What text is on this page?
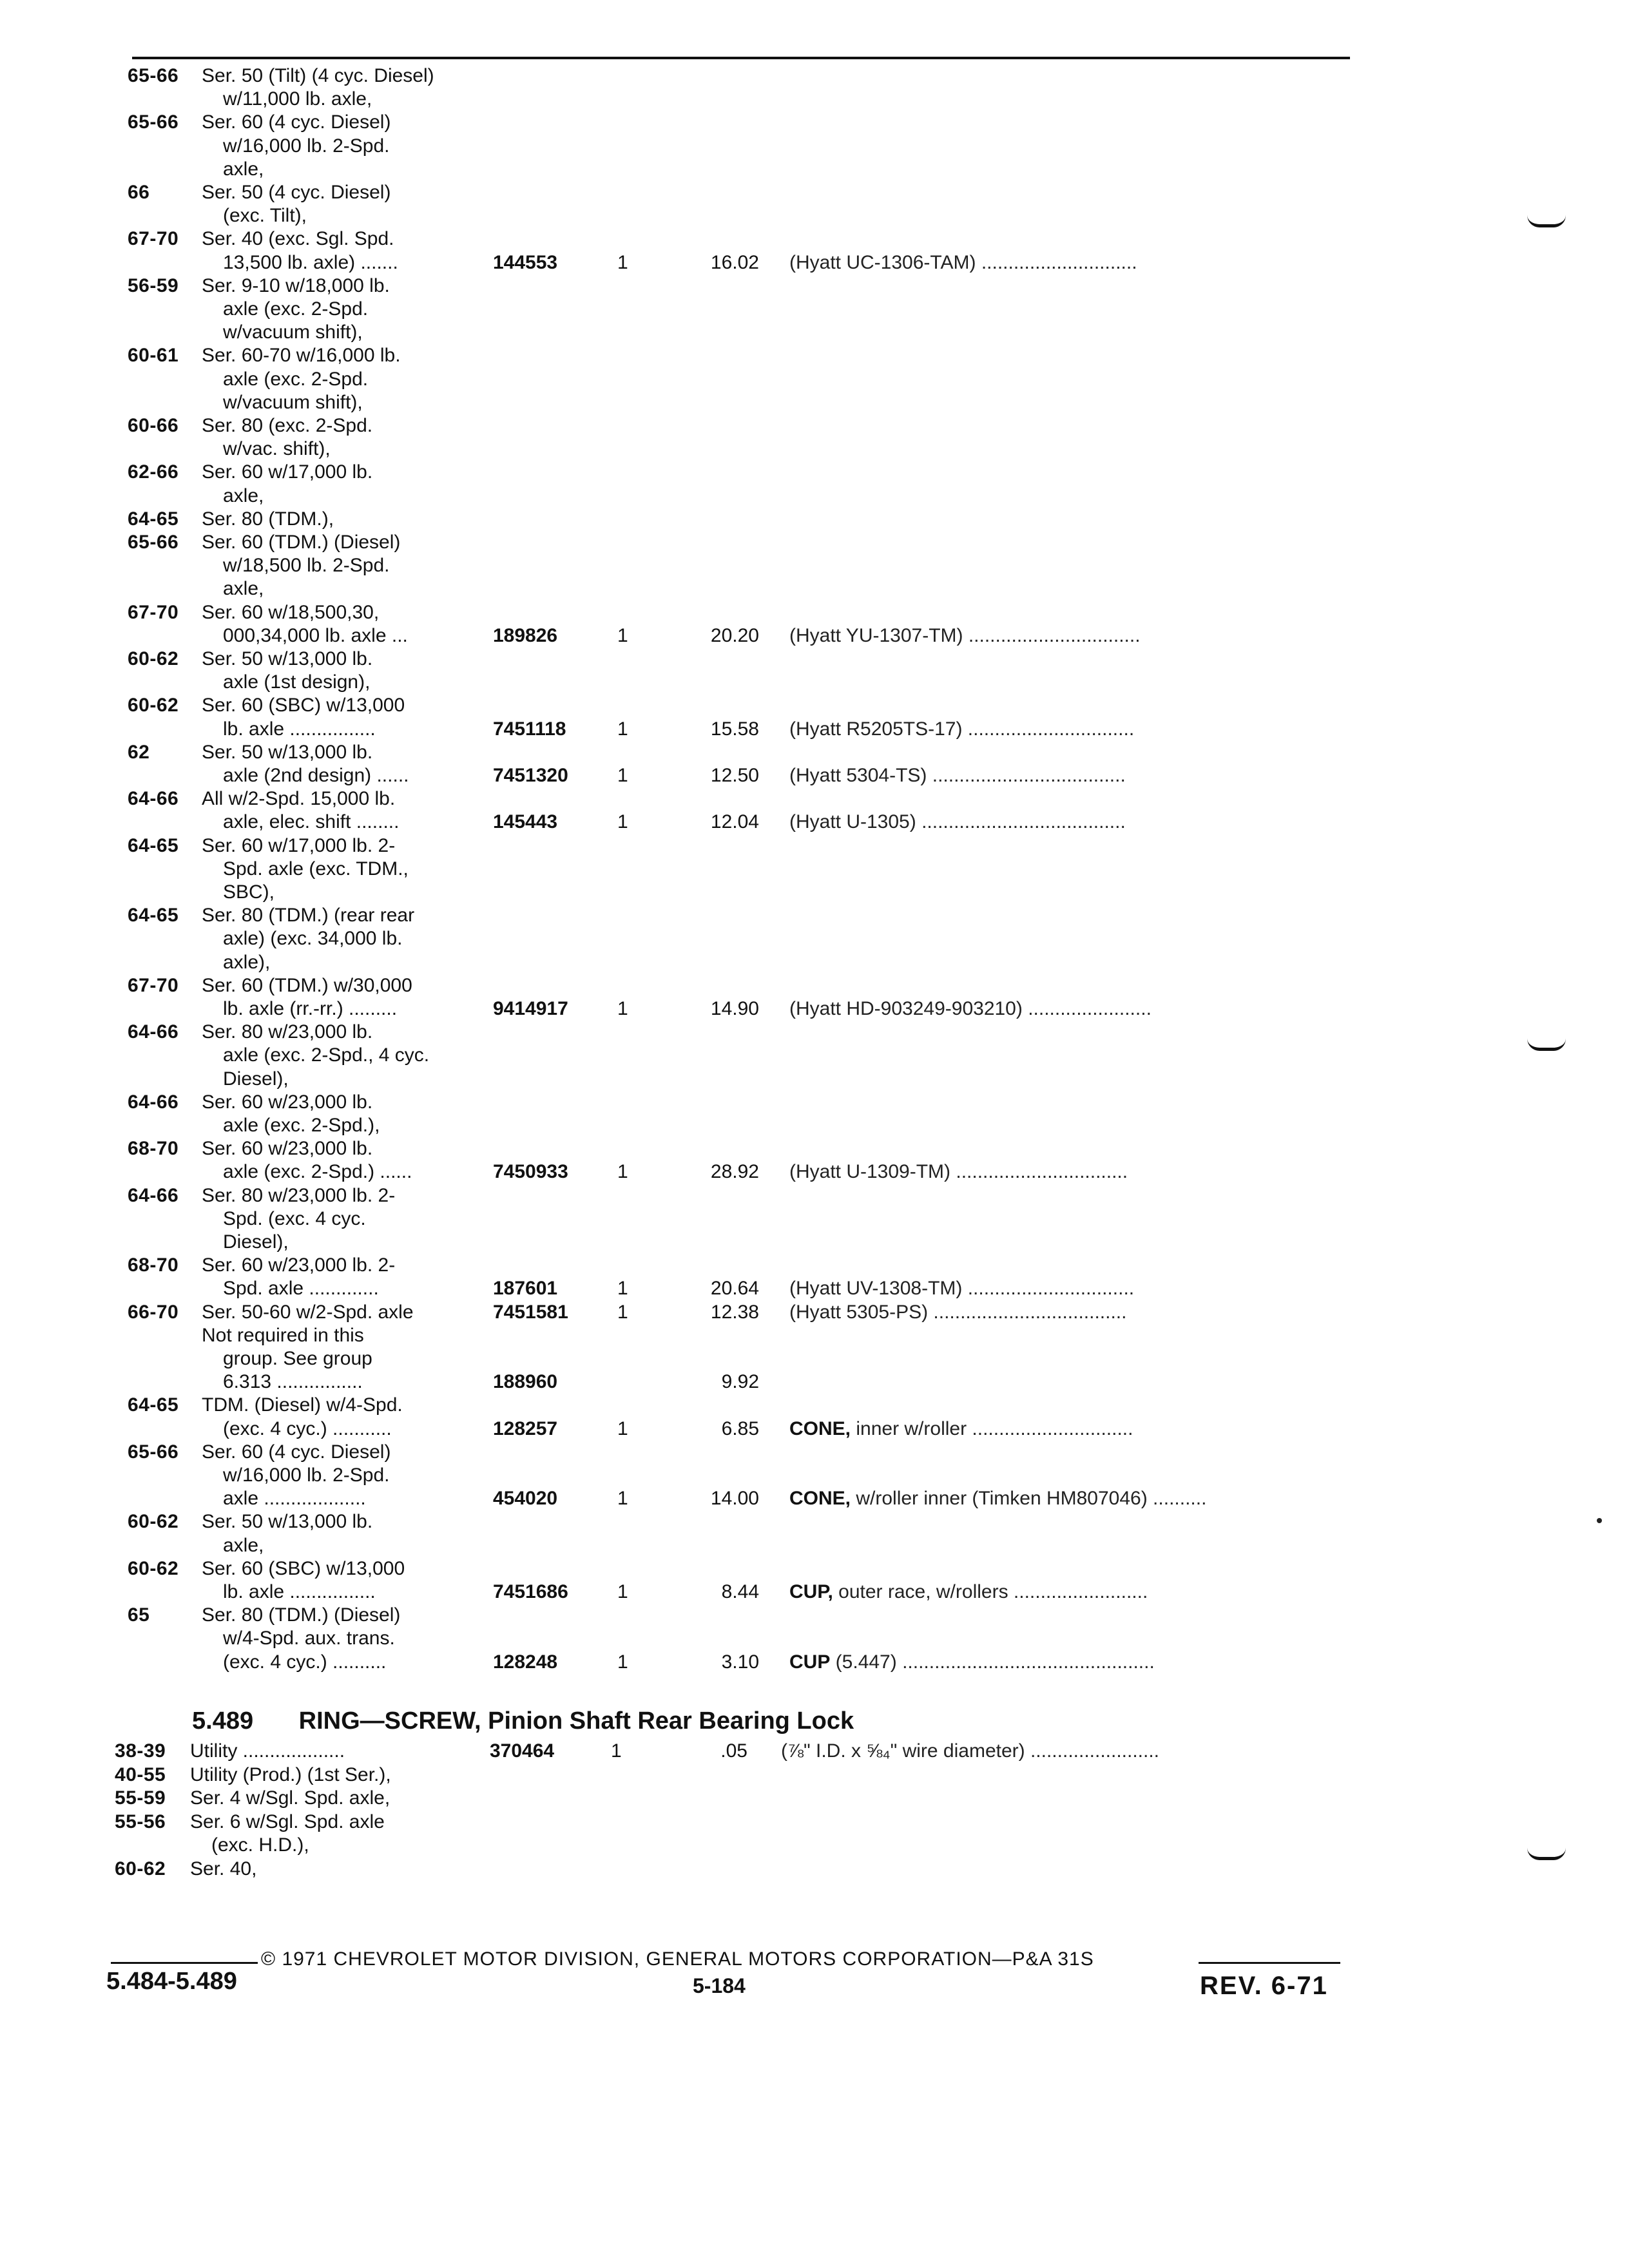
65-66 Ser. 50 (Tilt) (4 cyc. Diesel)
w/11,000 lb. axle,
65-66 Ser. 60 (4 cyc. Diesel)
w/16,000 lb. 2-Spd.
axle,
66	Ser. 50 (4 cyc. Diesel)
(exc. Tilt),
67-70 Ser. 40 (exc. Sgl. Spd.
13,500 lb. axle) .......	144553	1	16.02 (Hyatt UC-1306-TAM) .............................
56-59 Ser. 9-10 w/18,000 lb.
axle (exc. 2-Spd.
w/vacuum shift),
60-61 Ser. 60-70 w/16,000 lb.
axle (exc. 2-Spd.
w/vacuum shift),
60-66 Ser. 80 (exc. 2-Spd.
w/vac. shift),
62-66 Ser. 60 w/17,000 lb.
axle,
64-65 Ser. 80 (TDM.),
65-66 Ser. 60 (TDM.) (Diesel)
w/18,500 lb. 2-Spd.
axle,
67-70 Ser. 60 w/18,500,30,
000,34,000 lb. axle ...	189826	1	20.20 (Hyatt YU-1307-TM) ................................
60-62 Ser. 50 w/13,000 lb.
axle (1st design),
60-62 Ser. 60 (SBC) w/13,000
lb. axle ................	7451118	1	15.58 (Hyatt R5205TS-17) ...............................
62	Ser. 50 w/13,000 lb.
axle (2nd design) ......	7451320	1	12.50 (Hyatt 5304-TS) ....................................
64-66 All w/2-Spd. 15,000 lb.
axle, elec. shift ........	145443	1	12.04 (Hyatt U-1305) ......................................
64-65 Ser. 60 w/17,000 lb. 2-
Spd. axle (exc. TDM.,
SBC),
64-65 Ser. 80 (TDM.) (rear rear
axle) (exc. 34,000 lb.
axle),
67-70 Ser. 60 (TDM.) w/30,000
lb. axle (rr.-rr.) .........	9414917	1	14.90 (Hyatt HD-903249-903210) .......................
64-66 Ser. 80 w/23,000 lb.
axle (exc. 2-Spd., 4 cyc.
Diesel),
64-66 Ser. 60 w/23,000 lb.
axle (exc. 2-Spd.),
68-70 Ser. 60 w/23,000 lb.
axle (exc. 2-Spd.) ......	7450933	1	28.92 (Hyatt U-1309-TM) ................................
64-66 Ser. 80 w/23,000 lb. 2-
Spd. (exc. 4 cyc.
Diesel),
68-70 Ser. 60 w/23,000 lb. 2-
Spd. axle .............	187601	1	20.64 (Hyatt UV-1308-TM) ...............................
66-70 Ser. 50-60 w/2-Spd. axle	7451581	1	12.38 (Hyatt 5305-PS) ....................................
Not required in this
group. See group
6.313 ................	188960	9.92
64-65 TDM. (Diesel) w/4-Spd.
(exc. 4 cyc.) ...........	128257	1	6.85 CONE, inner w/roller ..............................
65-66 Ser. 60 (4 cyc. Diesel)
w/16,000 lb. 2-Spd.
axle ...................	454020	1	14.00 CONE, w/roller inner (Timken HM807046) ..........
60-62 Ser. 50 w/13,000 lb.
axle,
60-62 Ser. 60 (SBC) w/13,000
lb. axle ................	7451686	1	8.44 CUP, outer race, w/rollers .........................
65	Ser. 80 (TDM.) (Diesel)
w/4-Spd. aux. trans.
(exc. 4 cyc.) ..........	128248	1	3.10 CUP (5.447) ...............................................
5.489 RING—SCREW, Pinion Shaft Rear Bearing Lock
38-39 Utility ...................	370464	1	.05 (⅞" I.D. x ⅝₄" wire diameter) ........................
40-55 Utility (Prod.) (1st Ser.),
55-59 Ser. 4 w/Sgl. Spd. axle,
55-56 Ser. 6 w/Sgl. Spd. axle
(exc. H.D.),
60-62 Ser. 40,
© 1971 CHEVROLET MOTOR DIVISION, GENERAL MOTORS CORPORATION—P&A 31S
5.484-5.489	5-184	REV. 6-71
